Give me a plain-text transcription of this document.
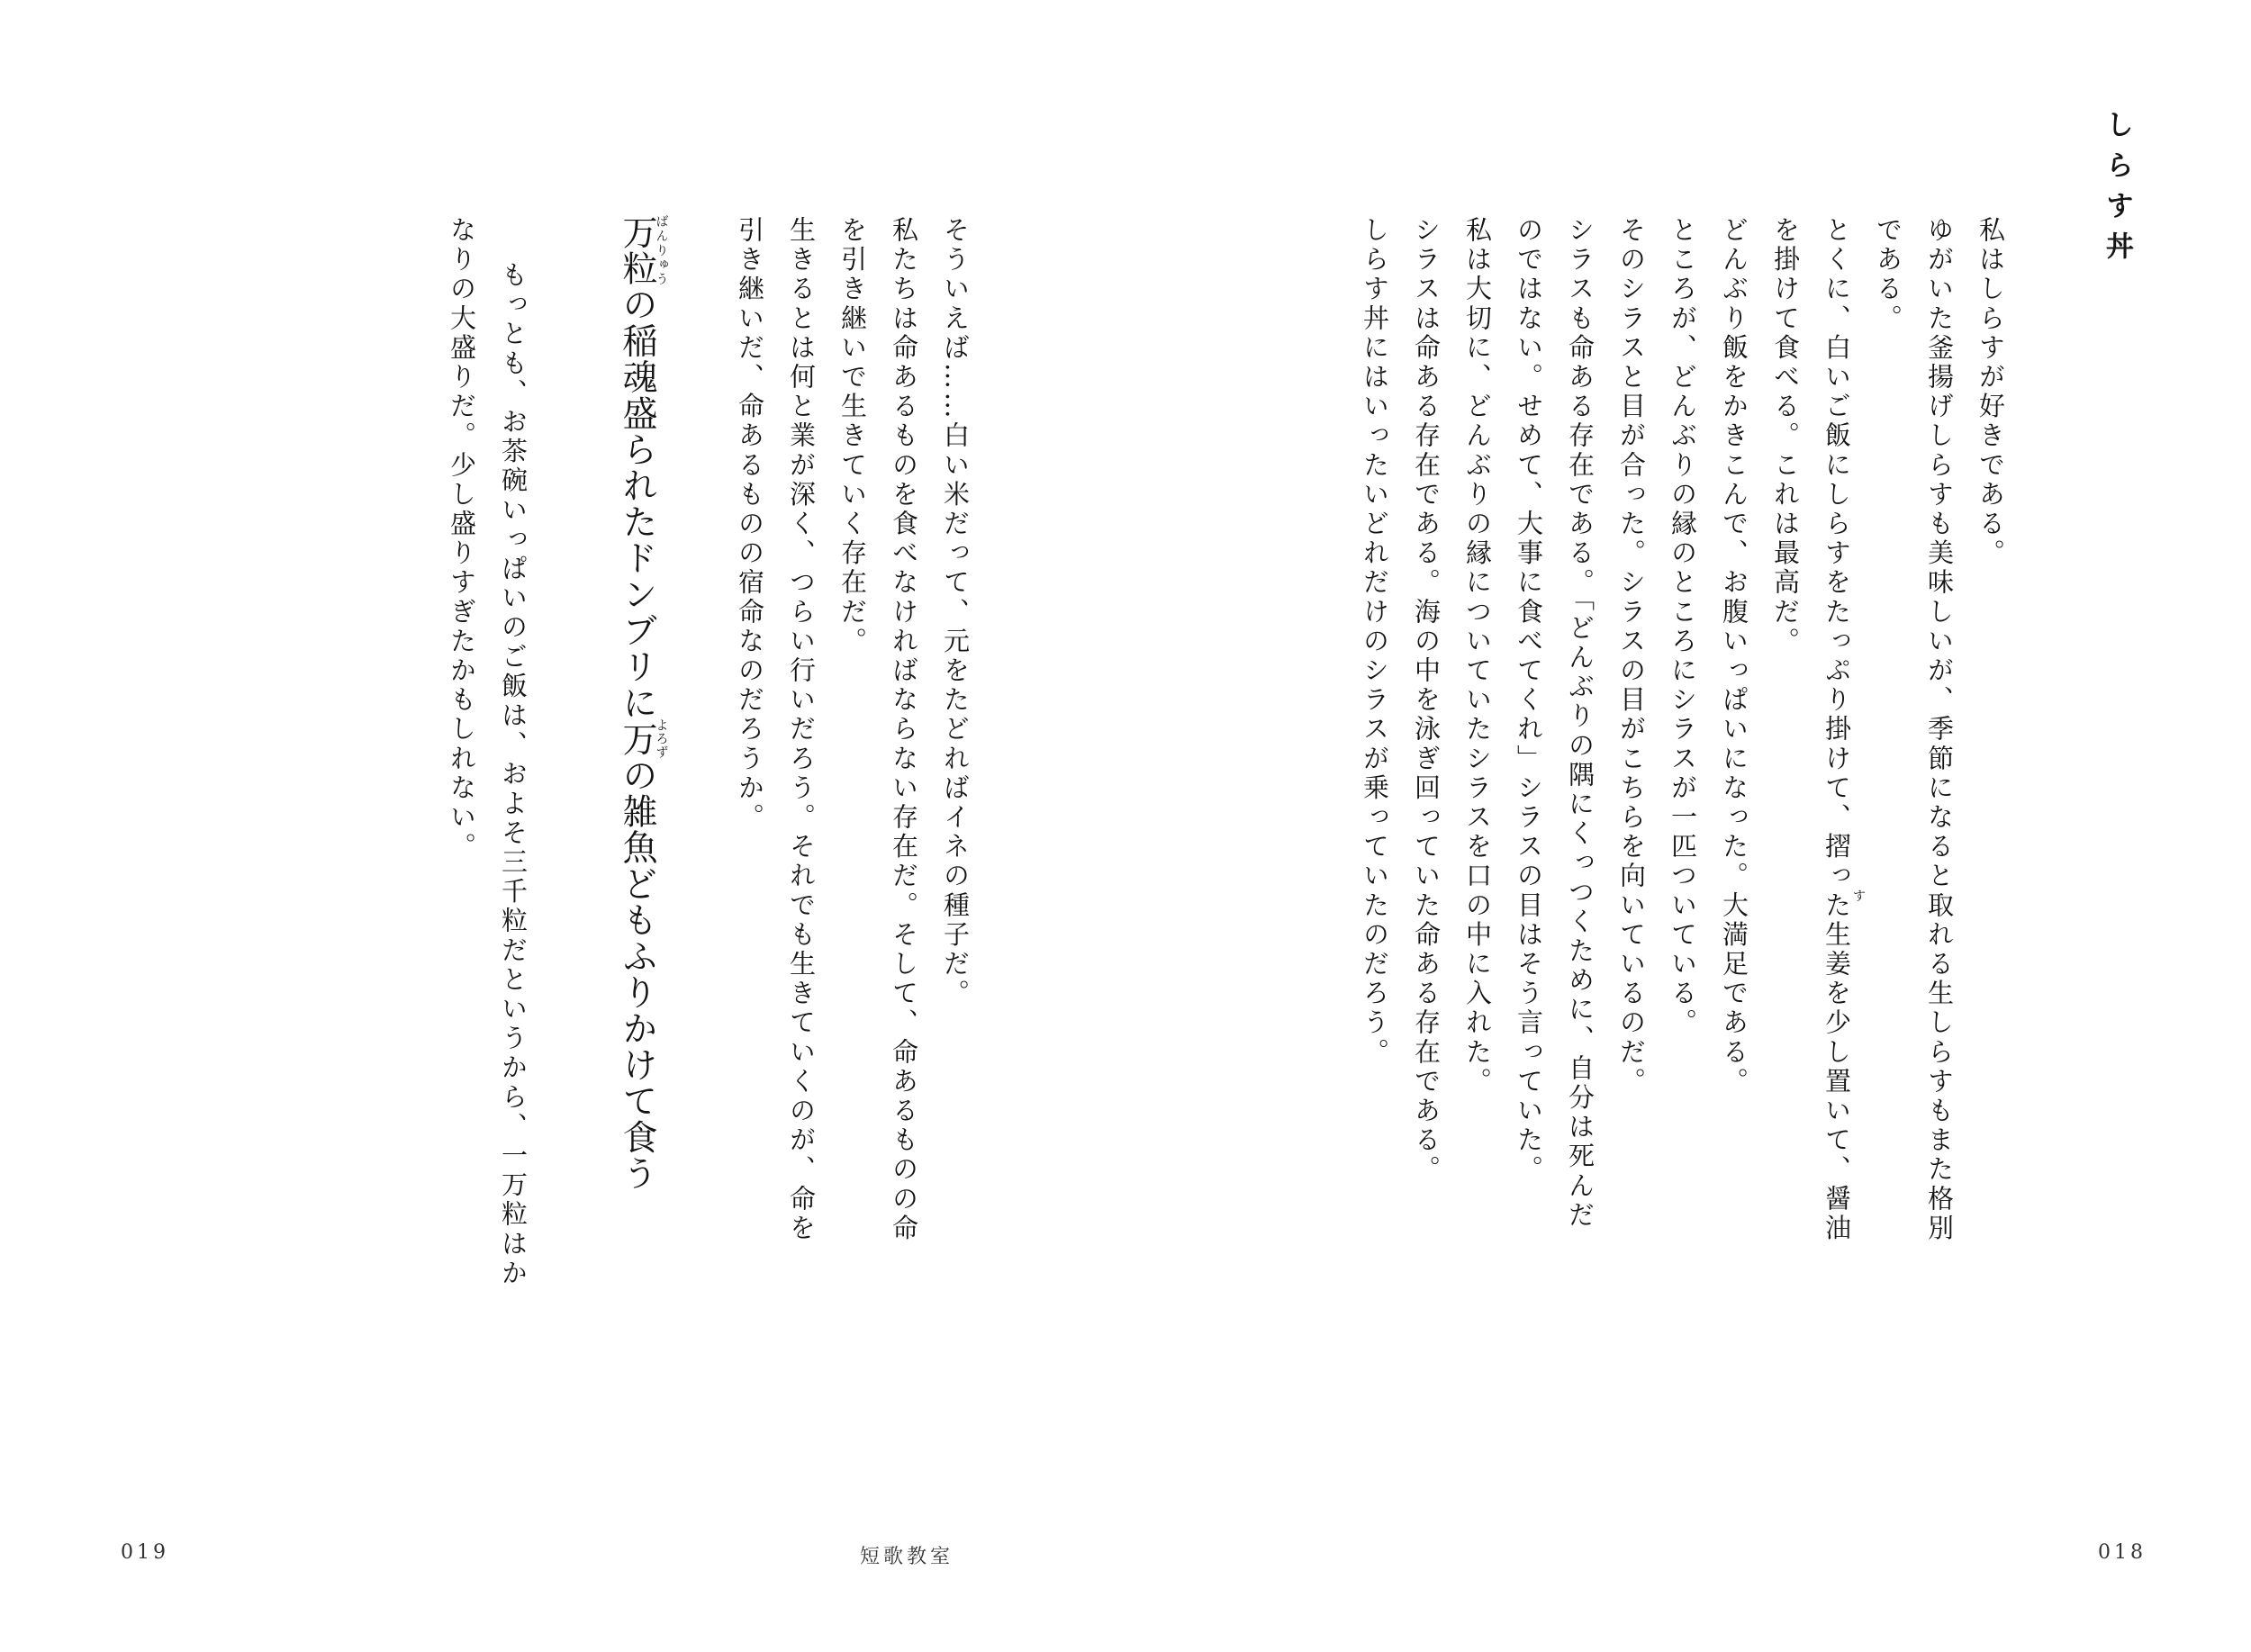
しらす丼
私はしらすが好きである。
ゆがいた釜揚げしらすも美味しいが、季節になると取れる生しらすもまた格別
である。
とくに、白いご飯にしらすをたっぷり掛けて、摺った生姜を少し置いて、醤油 す
を掛けて食べる。これは最高だ。
どんぶり飯をかきこんで、お腹いっぱいになった。大満足である。
ところが、どんぶりの縁のところにシラスが一匹ついている。
そのシラスと目が合った。シラスの目がこちらを向いているのだ。
シラスも命ある存在である。「どんぶりの隅にくっつくために、自分は死んだ
のではない。せめて、大事に食べてくれ」シラスの目はそう言っていた。
私は大切に、どんぶりの縁についていたシラスを口の中に入れた。
シラスは命ある存在である。海の中を泳ぎ回っていた命ある存在である。
しらす丼にはいったいどれだけのシラスが乗っていたのだろう。
そういえば……白い米だって、元をたどればイネの種子だ。
私たちは命あるものを食べなければならない存在だ。そして、命あるものの命
を引き継いで生きていく存在だ。
生きるとは何と業が深く、つらい行いだろう。それでも生きていくのが、命を
引き継いだ、命あるものの宿命なのだろうか。
万粒ばんりゅうの稲魂盛られたドンブリに万よろずの雑魚どもふりかけて食う
もっとも、お茶碗いっぱいのご飯は、およそ三千粒だというから、一万粒はか
なりの大盛りだ。少し盛りすぎたかもしれない。
019	短歌教室	018
